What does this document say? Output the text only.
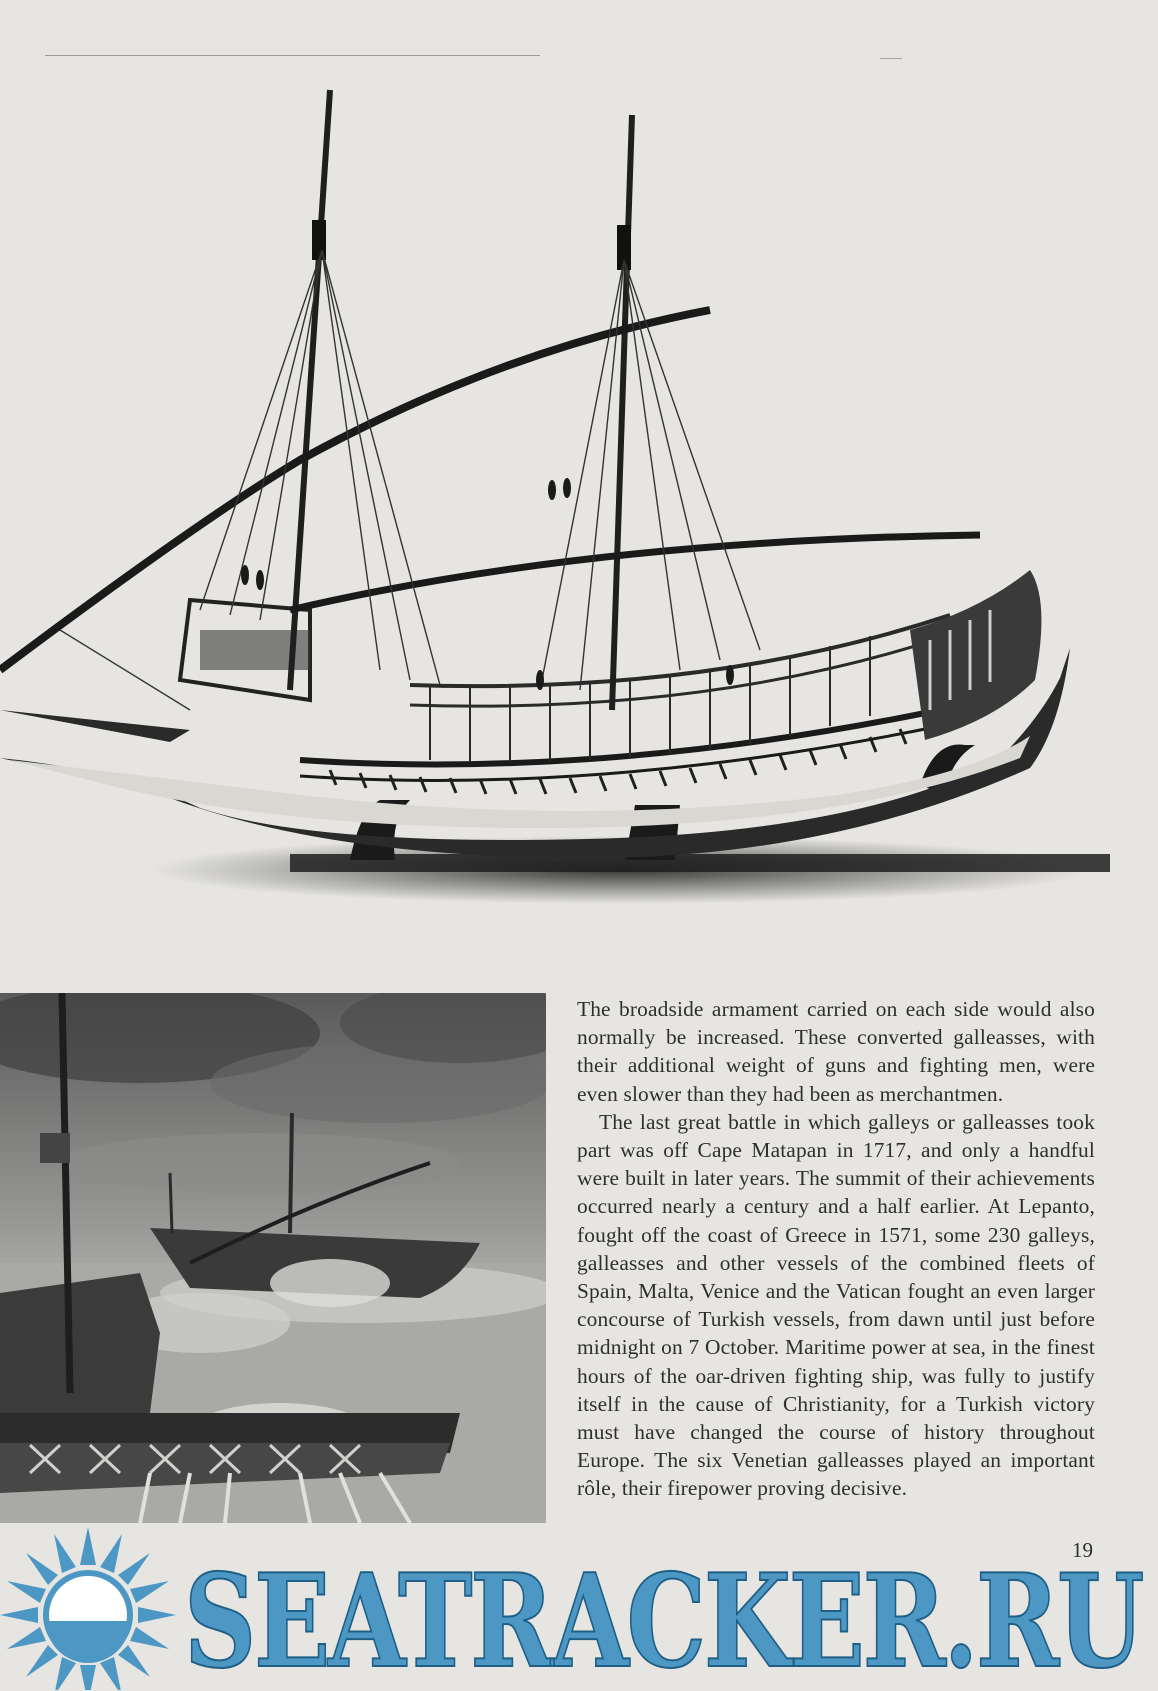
The broadside armament carried on each side would also normally be increased. These converted galleasses, with their additional weight of guns and fighting men, were even slower than they had been as merchantmen.

The last great battle in which galleys or galleasses took part was off Cape Matapan in 1717, and only a handful were built in later years. The summit of their achievements occurred nearly a century and a half earlier. At Lepanto, fought off the coast of Greece in 1571, some 230 galleys, galleasses and other vessels of the combined fleets of Spain, Malta, Venice and the Vatican fought an even larger concourse of Turkish vessels, from dawn until just before midnight on 7 October. Maritime power at sea, in the finest hours of the oar-driven fighting ship, was fully to justify itself in the cause of Christianity, for a Turkish victory must have changed the course of history throughout Europe. The six Venetian galleasses played an important rôle, their firepower proving decisive.

19
SEATRACKER.RU
